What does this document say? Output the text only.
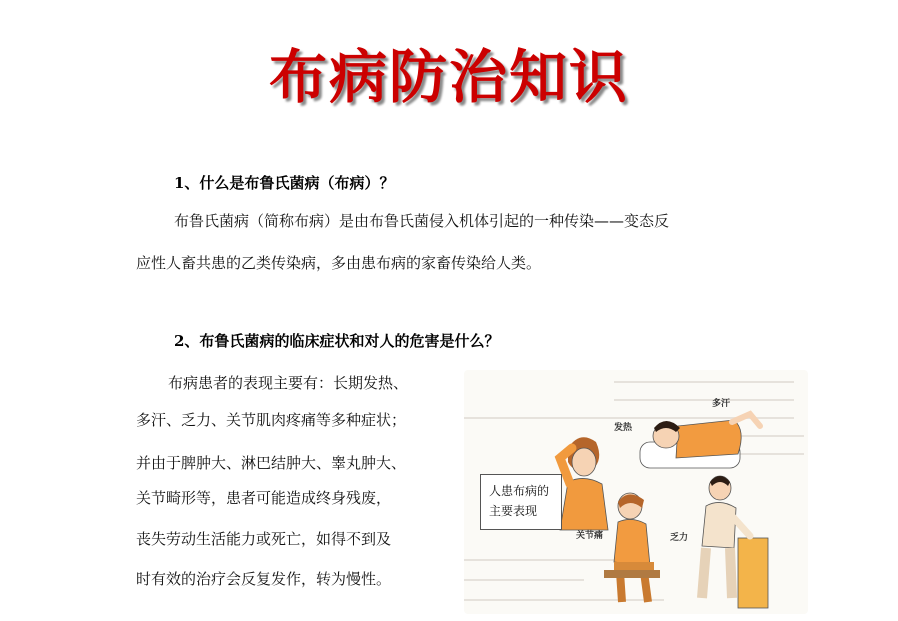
布病防治知识
1、什么是布鲁氏菌病（布病）？
布鲁氏菌病（简称布病）是由布鲁氏菌侵入机体引起的一种传染——变态反
应性人畜共患的乙类传染病，多由患布病的家畜传染给人类。
2、布鲁氏菌病的临床症状和对人的危害是什么？
布病患者的表现主要有：长期发热、
多汗、乏力、关节肌肉疼痛等多种症状；
并由于脾肿大、淋巴结肿大、睾丸肿大、
关节畸形等，患者可能造成终身残废，
丧失劳动生活能力或死亡，如得不到及
时有效的治疗会反复发作，转为慢性。
人患布病的
主要表现
发热
多汗
关节痛	乏力
